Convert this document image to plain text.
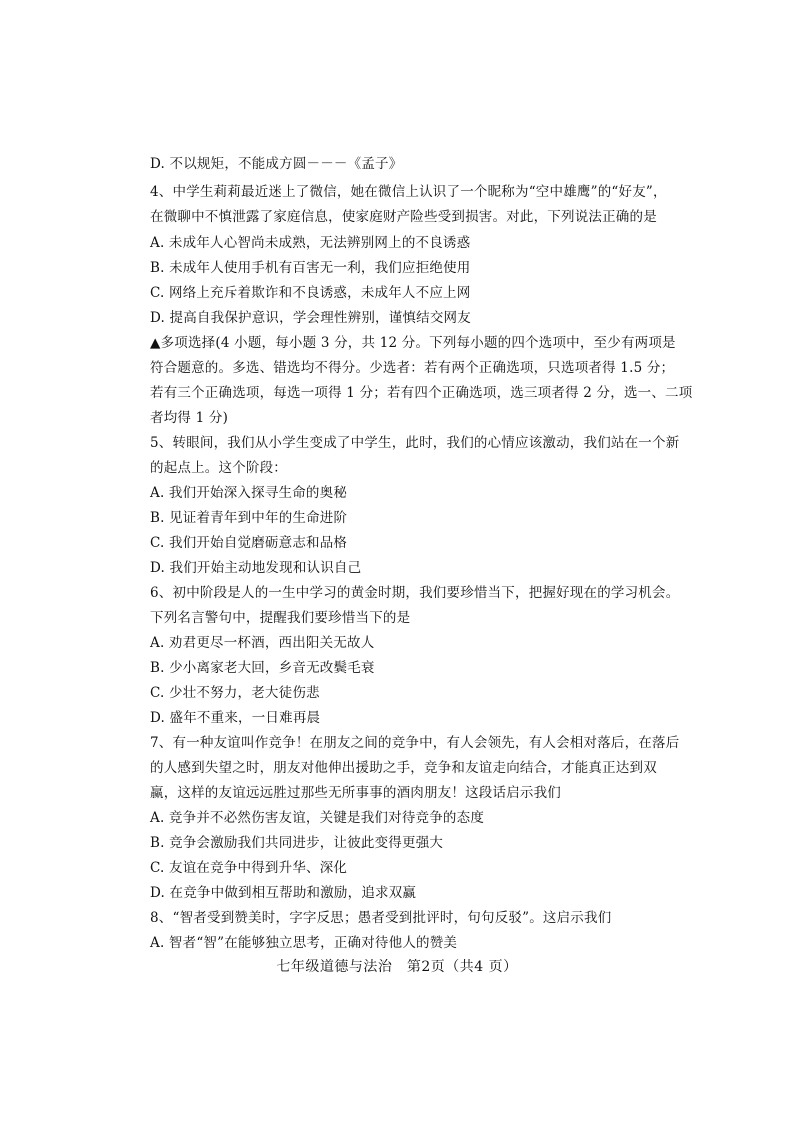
D. 不以规矩，不能成方圆－－－《孟子》
4、中学生莉莉最近迷上了微信，她在微信上认识了一个昵称为“空中雄鹰”的“好友”，
在微聊中不慎泄露了家庭信息，使家庭财产险些受到损害。对此，下列说法正确的是
A. 未成年人心智尚未成熟，无法辨别网上的不良诱惑
B. 未成年人使用手机有百害无一利，我们应拒绝使用
C. 网络上充斥着欺诈和不良诱惑，未成年人不应上网
D. 提高自我保护意识，学会理性辨别，谨慎结交网友
▲多项选择(4 小题，每小题 3 分，共 12 分。下列每小题的四个选项中，至少有两项是
符合题意的。多选、错选均不得分。少选者：若有两个正确选项，只选项者得 1.5 分；
若有三个正确选项，每选一项得 1 分；若有四个正确选项，选三项者得 2 分，选一、二项
者均得 1 分)
5、转眼间，我们从小学生变成了中学生，此时，我们的心情应该激动，我们站在一个新
的起点上。这个阶段：
A. 我们开始深入探寻生命的奥秘
B. 见证着青年到中年的生命进阶
C. 我们开始自觉磨砺意志和品格
D. 我们开始主动地发现和认识自己
6、初中阶段是人的一生中学习的黄金时期，我们要珍惜当下，把握好现在的学习机会。
下列名言警句中，提醒我们要珍惜当下的是
A. 劝君更尽一杯酒，西出阳关无故人
B. 少小离家老大回，乡音无改鬓毛衰
C. 少壮不努力，老大徒伤悲
D. 盛年不重来，一日难再晨
7、有一种友谊叫作竞争！在朋友之间的竞争中，有人会领先，有人会相对落后，在落后
的人感到失望之时，朋友对他伸出援助之手，竞争和友谊走向结合，才能真正达到双
赢，这样的友谊远远胜过那些无所事事的酒肉朋友！这段话启示我们
A. 竞争并不必然伤害友谊，关键是我们对待竞争的态度
B. 竞争会激励我们共同进步，让彼此变得更强大
C. 友谊在竞争中得到升华、深化
D. 在竞争中做到相互帮助和激励，追求双赢
8、“智者受到赞美时，字字反思；愚者受到批评时，句句反驳”。这启示我们
A. 智者“智”在能够独立思考，正确对待他人的赞美
七年级道德与法治　第2页（共4 页）
